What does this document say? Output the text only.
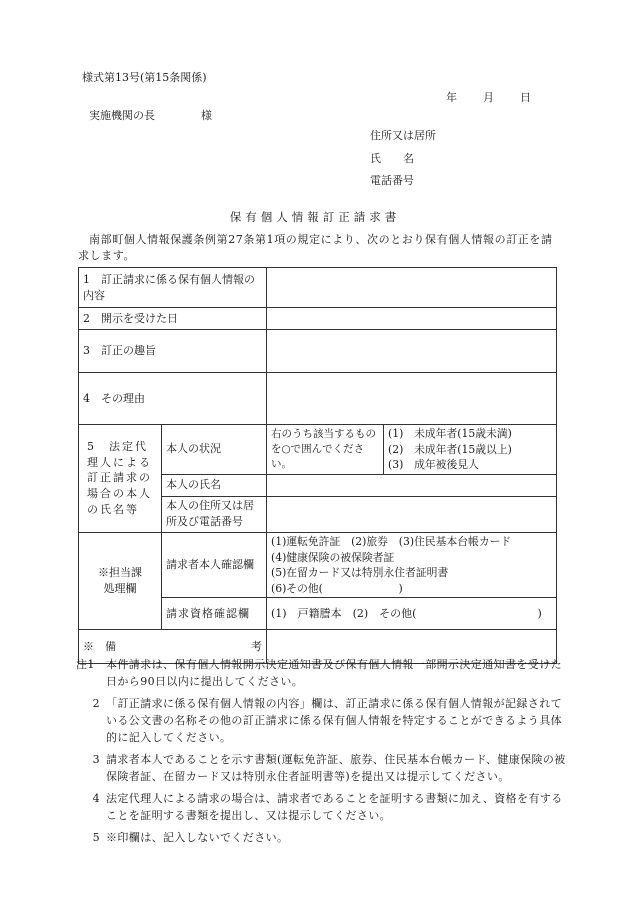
様式第13号(第15条関係)
年 月 日
実施機関の長	様
住所又は居所
氏　　名
電話番号
保有個人情報訂正請求書
南部町個人情報保護条例第27条第1項の規定により、次のとおり保有個人情報の訂正を請求します。
1　訂正請求に係る保有個人情報の内容			
2　開示を受けた日			
3　訂正の趣旨			
4　その理由			
5　法定代理人による訂正請求の場合の本人の氏名等	本人の状況	右のうち該当するものを○で囲んでください。	(1)　未成年者(15歳未満)
(2)　未成年者(15歳以上)
(3)　成年被後見人

	本人の氏名		
	本人の住所又は居所及び電話番号		
※担当課処理欄	請求者本人確認欄	(1)運転免許証　(2)旅券　(3)住民基本台帳カード
(4)健康保険の被保険者証
(5)在留カード又は特別永住者証明書
(6)その他(　　　　　　　)	

	請求資格確認欄	(1)　戸籍謄本　(2)　その他(　　　　　　　　　　　)	

※　備 考			

注1	本件請求は、保有個人情報開示決定通知書及び保有個人情報一部開示決定通知書を受けた日から90日以内に提出してください。
2 「訂正請求に係る保有個人情報の内容」欄は、訂正請求に係る保有個人情報が記録されている公文書の名称その他の訂正請求に係る保有個人情報を特定することができるよう具体的に記入してください。
3 請求者本人であることを示す書類(運転免許証、旅券、住民基本台帳カード、健康保険の被保険者証、在留カード又は特別永住者証明書等)を提出又は提示してください。
4 法定代理人による請求の場合は、請求者であることを証明する書類に加え、資格を有することを証明する書類を提出し、又は提示してください。
5 ※印欄は、記入しないでください。
